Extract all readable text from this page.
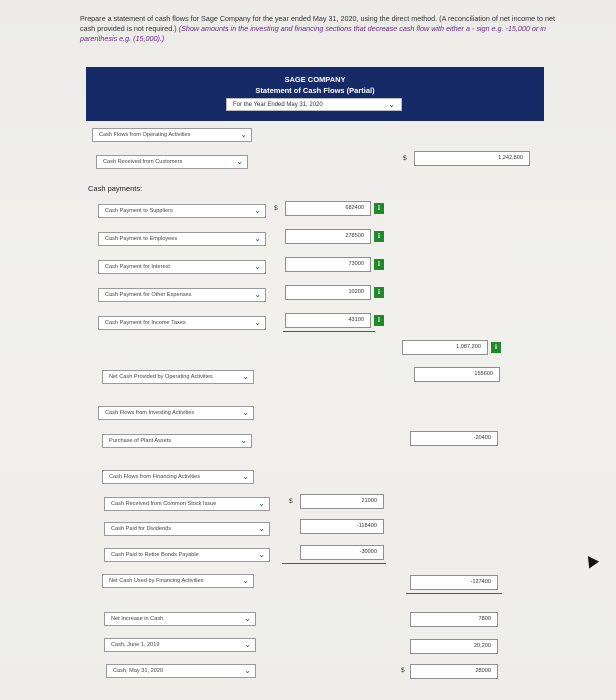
Prepare a statement of cash flows for Sage Company for the year ended May 31, 2020, using the direct method. (A reconciliation of net income to net cash provided is not required.) (Show amounts in the investing and financing sections that decrease cash flow with either a - sign e.g. -15,000 or in parenthesis e.g. (15,000).)
SAGE COMPANY
Statement of Cash Flows (Partial)
For the Year Ended May 31, 2020	⌄
Cash Flows from Operating Activities	⌄
Cash Received from Customers	⌄	$	1,242,800
Cash payments:
Cash Payment to Suppliers	⌄ $	682400	i
Cash Payment to Employees	⌄	278500	i
Cash Payment for Interest	⌄	73000	i
Cash Payment for Other Expenses	⌄	10200	i
Cash Payment for Income Taxes	⌄	43100	i
1,087,200	i
Net Cash Provided by Operating Activities	⌄	155600
Cash Flows from Investing Activities	⌄
Purchase of Plant Assets	⌄	-20400
Cash Flows from Financing Activities	⌄
Cash Received from Common Stock Issue	⌄	$	21000
Cash Paid for Dividends	⌄	-118400
Cash Paid to Retire Bonds Payable	⌄	-30000
Net Cash Used by Financing Activities	⌄	-127400
Net Increase in Cash	⌄	7800
Cash, June 1, 2019	⌄	20,200
Cash, May 31, 2020	⌄	$	28000
